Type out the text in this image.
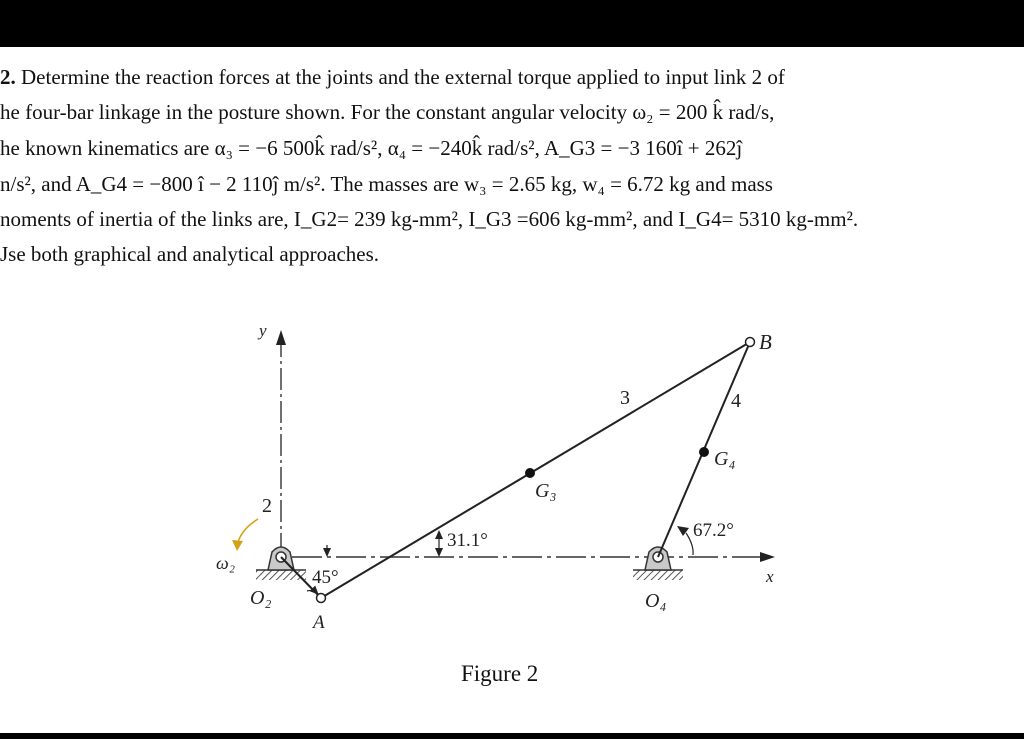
2. Determine the reaction forces at the joints and the external torque applied to input link 2 of
he four-bar linkage in the posture shown. For the constant angular velocity ω₂ = 200 k̂ rad/s,
he known kinematics are α₃ = −6 500k̂ rad/s², α₄ = −240k̂ rad/s², A_G3 = −3 160î + 262ĵ
n/s², and A_G4 = −800 î − 2 110ĵ m/s². The masses are w₃ = 2.65 kg, w₄ = 6.72 kg and mass
noments of inertia of the links are, I_G2= 239 kg-mm², I_G3 =606 kg-mm², and I_G4= 5310 kg-mm².
Jse both graphical and analytical approaches.
y
x
B
A
O₂	O₄
2
3	4
G₃
G₄
ω₂
45°
31.1°	67.2°
Figure 2
